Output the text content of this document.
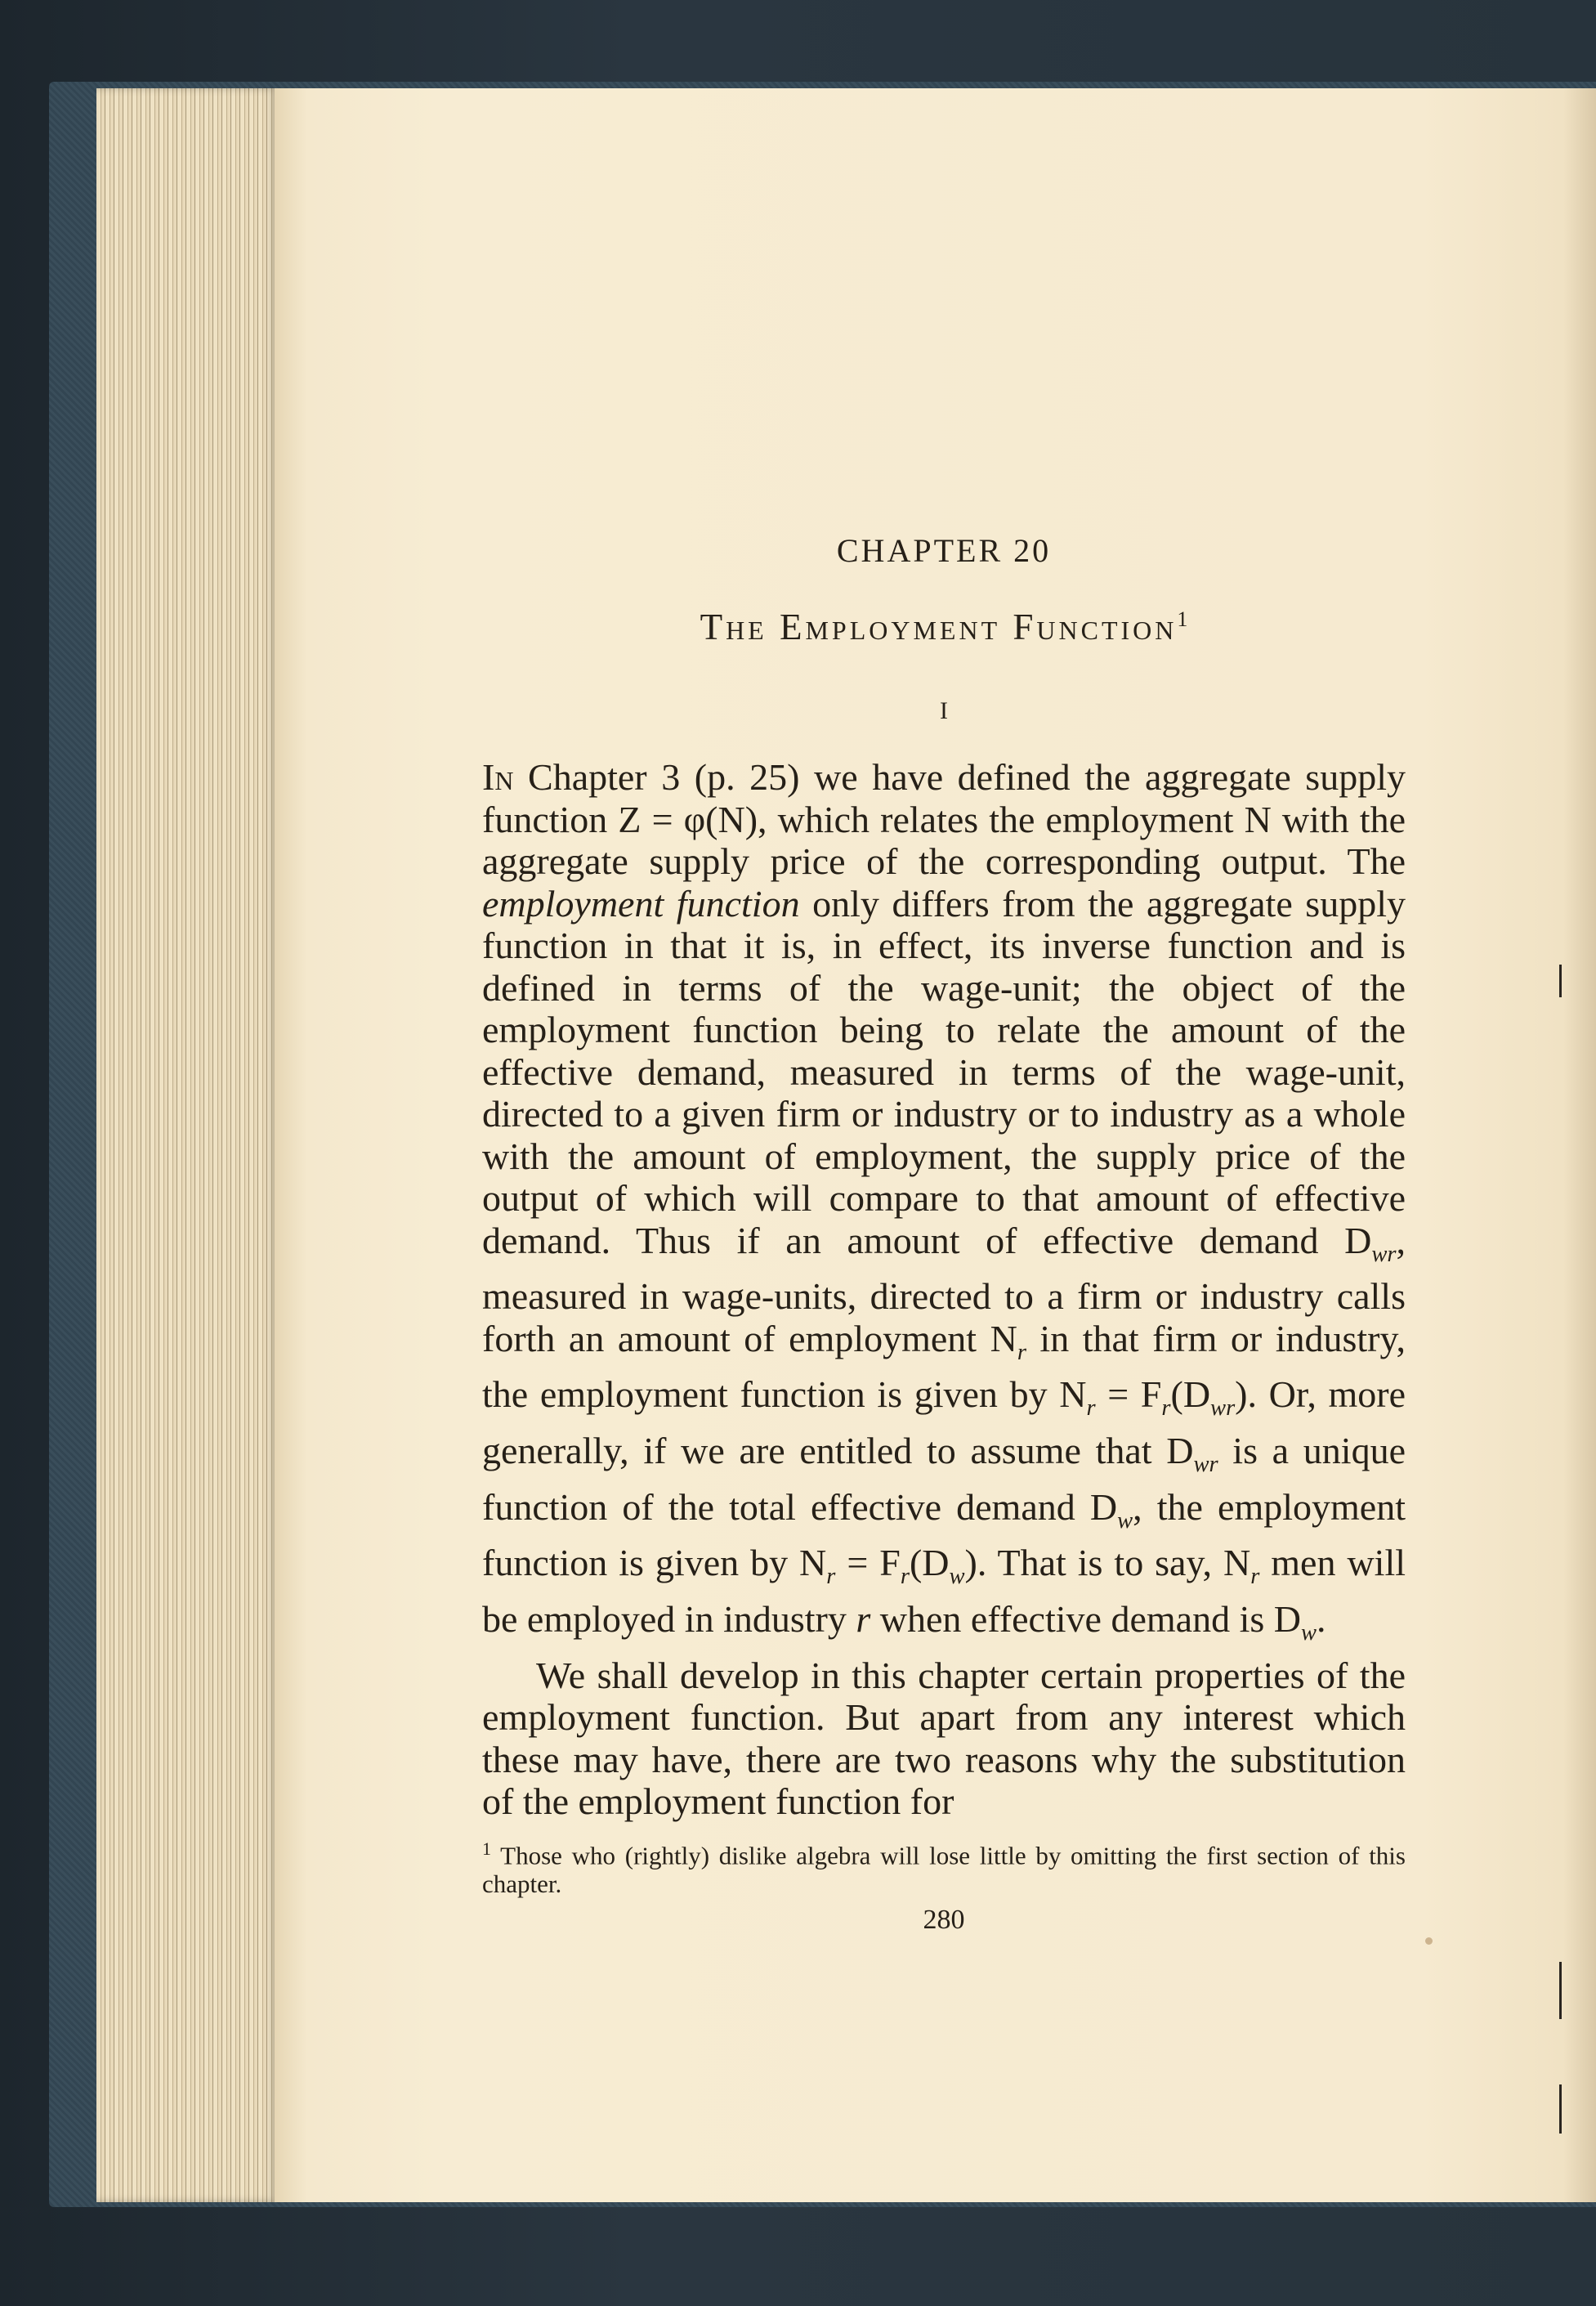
CHAPTER 20
The Employment Function$^1$
I

In Chapter 3 (p. 25) we have defined the aggregate supply function Z = φ(N), which relates the employment N with the aggregate supply price of the corresponding output. The employment function only differs from the aggregate supply function in that it is, in effect, its inverse function and is defined in terms of the wage-unit; the object of the employment function being to relate the amount of the effective demand, measured in terms of the wage-unit, directed to a given firm or industry or to industry as a whole with the amount of employment, the supply price of the output of which will compare to that amount of effective demand. Thus if an amount of effective demand $D_{wr}$, measured in wage-units, directed to a firm or industry calls forth an amount of employment $N_r$ in that firm or industry, the employment function is given by $N_r = F_r(D_{wr})$. Or, more generally, if we are entitled to assume that $D_{wr}$ is a unique function of the total effective demand $D_w$, the employment function is given by $N_r = F_r(D_w)$. That is to say, $N_r$ men will be employed in industry r when effective demand is $D_w$.

We shall develop in this chapter certain properties of the employment function. But apart from any interest which these may have, there are two reasons why the substitution of the employment function for

$^1$ Those who (rightly) dislike algebra will lose little by omitting the first section of this chapter.
280
